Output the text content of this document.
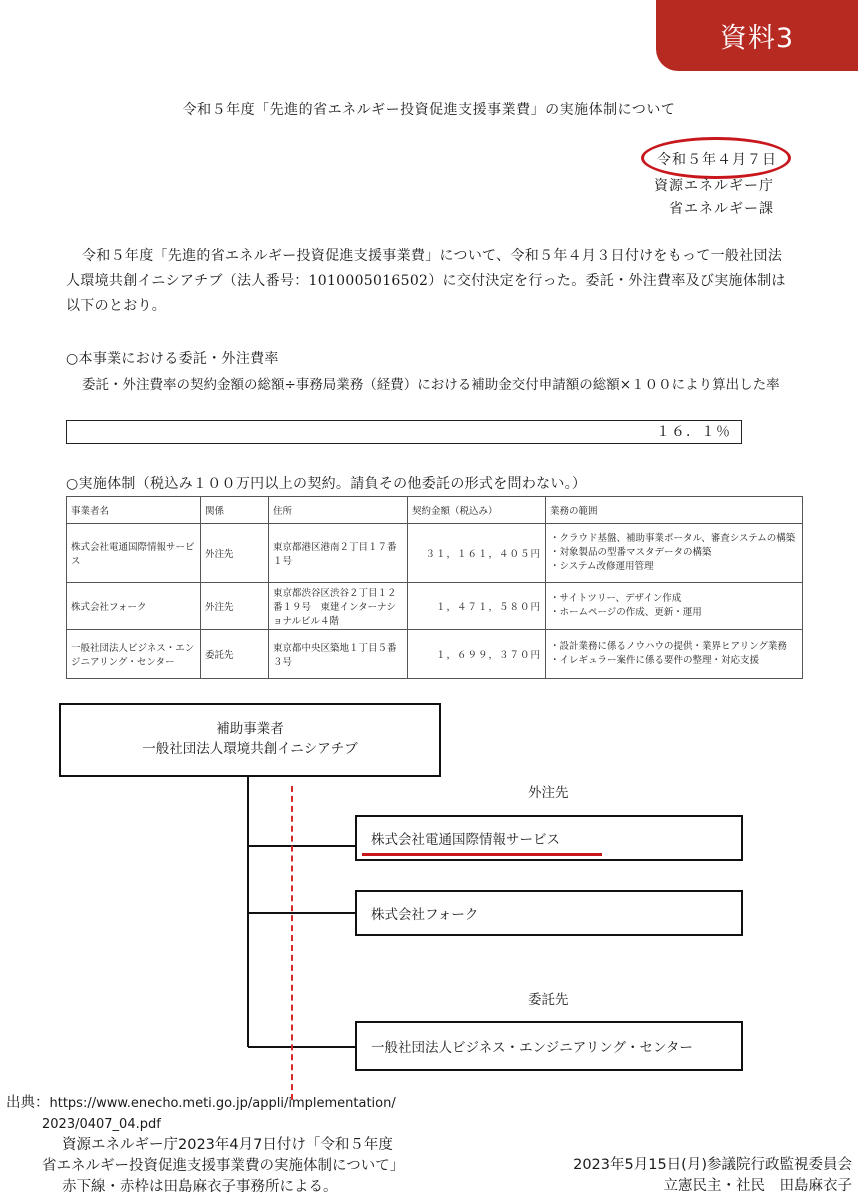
資料3
令和５年度「先進的省エネルギー投資促進支援事業費」の実施体制について
令和５年４月７日
資源エネルギー庁
省エネルギー課

令和５年度「先進的省エネルギー投資促進支援事業費」について、令和５年４月３日付けをもって一般社団法人環境共創イニシアチブ（法人番号：1010005016502）に交付決定を行った。委託・外注費率及び実施体制は以下のとおり。

○本事業における委託・外注費率

委託・外注費率の契約金額の総額÷事務局業務（経費）における補助金交付申請額の総額×１００により算出した率

１６．１％
○実施体制（税込み１００万円以上の契約。請負その他委託の形式を問わない。）
事業者名	関係	住所	契約金額（税込み）	業務の範囲
株式会社電通国際情報サービス	外注先	東京都港区港南２丁目１７番１号	３１，１６１，４０５円	・クラウド基盤、補助事業ポータル、審査システムの構築
・対象製品の型番マスタデータの構築
・システム改修運用管理

株式会社フォーク	外注先	東京都渋谷区渋谷２丁目１２番１９号　東建インターナショナルビル４階	１，４７１，５８０円	・サイトツリー、デザイン作成
・ホームページの作成、更新・運用

一般社団法人ビジネス・エンジニアリング・センター	委託先	東京都中央区築地１丁目５番３号	１，６９９，３７０円	・設計業務に係るノウハウの提供・業界ヒアリング業務
・イレギュラー案件に係る要件の整理・対応支援
補助事業者
一般社団法人環境共創イニシアチブ
外注先
株式会社電通国際情報サービス
株式会社フォーク
委託先
一般社団法人ビジネス・エンジニアリング・センター
出典：https://www.enecho.meti.go.jp/appli/implementation/
2023/0407_04.pdf
資源エネルギー庁2023年4月7日付け「令和５年度
省エネルギー投資促進支援事業費の実施体制について」
赤下線・赤枠は田島麻衣子事務所による。
2023年5月15日(月)参議院行政監視委員会
立憲民主・社民　田島麻衣子
